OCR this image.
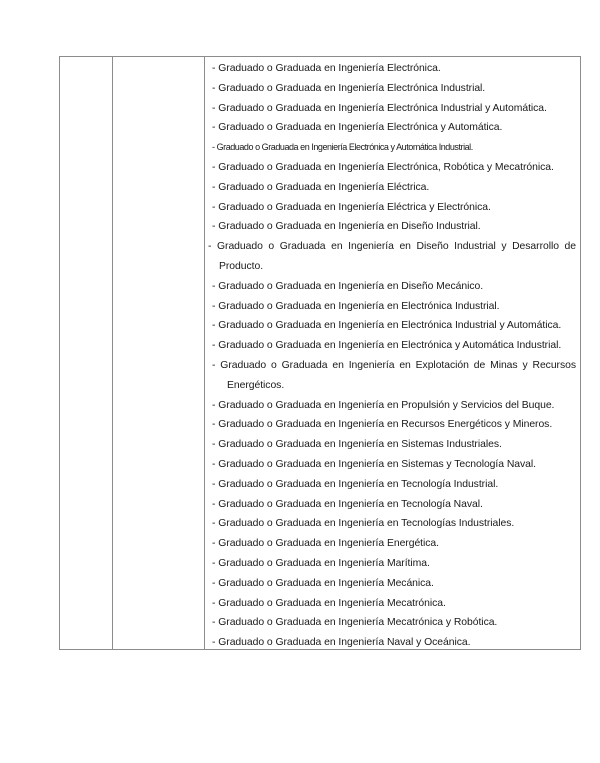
- Graduado o Graduada en Ingeniería Electrónica.
- Graduado o Graduada en Ingeniería Electrónica Industrial.
- Graduado o Graduada en Ingeniería Electrónica Industrial y Automática.
- Graduado o Graduada en Ingeniería Electrónica y Automática.
- Graduado o Graduada en Ingeniería Electrónica y Automática Industrial.
- Graduado o Graduada en Ingeniería Electrónica, Robótica y Mecatrónica.
- Graduado o Graduada en Ingeniería Eléctrica.
- Graduado o Graduada en Ingeniería Eléctrica y Electrónica.
- Graduado o Graduada en Ingeniería en Diseño Industrial.
- Graduado o Graduada en Ingeniería en Diseño Industrial y Desarrollo de Producto.
- Graduado o Graduada en Ingeniería en Diseño Mecánico.
- Graduado o Graduada en Ingeniería en Electrónica Industrial.
- Graduado o Graduada en Ingeniería en Electrónica Industrial y Automática.
- Graduado o Graduada en Ingeniería en Electrónica y Automática Industrial.
- Graduado o Graduada en Ingeniería en Explotación de Minas y Recursos Energéticos.
- Graduado o Graduada en Ingeniería en Propulsión y Servicios del Buque.
- Graduado o Graduada en Ingeniería en Recursos Energéticos y Mineros.
- Graduado o Graduada en Ingeniería en Sistemas Industriales.
- Graduado o Graduada en Ingeniería en Sistemas y Tecnología Naval.
- Graduado o Graduada en Ingeniería en Tecnología Industrial.
- Graduado o Graduada en Ingeniería en Tecnología Naval.
- Graduado o Graduada en Ingeniería en Tecnologías Industriales.
- Graduado o Graduada en Ingeniería Energética.
- Graduado o Graduada en Ingeniería Marítima.
- Graduado o Graduada en Ingeniería Mecánica.
- Graduado o Graduada en Ingeniería Mecatrónica.
- Graduado o Graduada en Ingeniería Mecatrónica y Robótica.
- Graduado o Graduada en Ingeniería Naval y Oceánica.
